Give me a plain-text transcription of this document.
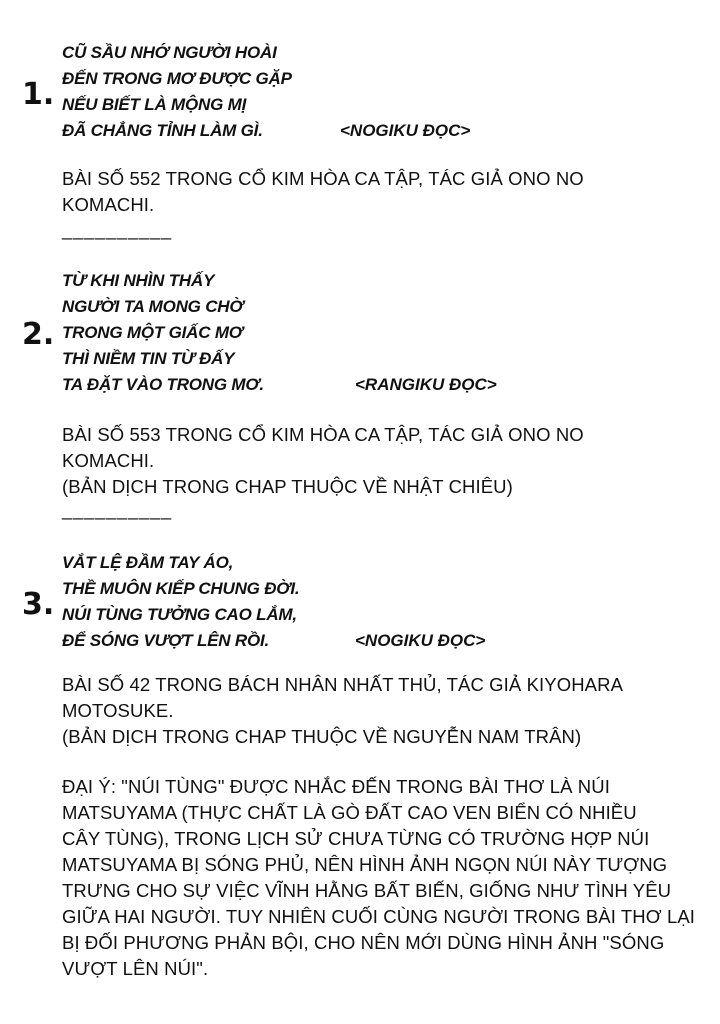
1.
CŨ SẦU NHỚ NGƯỜI HOÀI
ĐẾN TRONG MƠ ĐƯỢC GẶP
NẾU BIẾT LÀ MỘNG MỊ
ĐÃ CHẲNG TỈNH LÀM GÌ.	<NOGIKU ĐỌC>
BÀI SỐ 552 TRONG CỔ KIM HÒA CA TẬP, TÁC GIẢ ONO NO
KOMACHI.
__________
2.
TỪ KHI NHÌN THẤY
NGƯỜI TA MONG CHỜ
TRONG MỘT GIẤC MƠ
THÌ NIỀM TIN TỪ ĐẤY
TA ĐẶT VÀO TRONG MƠ.	<RANGIKU ĐỌC>
BÀI SỐ 553 TRONG CỔ KIM HÒA CA TẬP, TÁC GIẢ ONO NO
KOMACHI.
(BẢN DỊCH TRONG CHAP THUỘC VỀ NHẬT CHIÊU)
__________
3.
VẮT LỆ ĐẦM TAY ÁO,
THỀ MUÔN KIẾP CHUNG ĐỜI.
NÚI TÙNG TƯỞNG CAO LẮM,
ĐỂ SÓNG VƯỢT LÊN RỒI.	<NOGIKU ĐỌC>
BÀI SỐ 42 TRONG BÁCH NHÂN NHẤT THỦ, TÁC GIẢ KIYOHARA
MOTOSUKE.
(BẢN DỊCH TRONG CHAP THUỘC VỀ NGUYỄN NAM TRÂN)
ĐẠI Ý: "NÚI TÙNG" ĐƯỢC NHẮC ĐẾN TRONG BÀI THƠ LÀ NÚI
MATSUYAMA (THỰC CHẤT LÀ GÒ ĐẤT CAO VEN BIỂN CÓ NHIỀU
CÂY TÙNG), TRONG LỊCH SỬ CHƯA TỪNG CÓ TRƯỜNG HỢP NÚI
MATSUYAMA BỊ SÓNG PHỦ, NÊN HÌNH ẢNH NGỌN NÚI NÀY TƯỢNG
TRƯNG CHO SỰ VIỆC VĨNH HẰNG BẤT BIẾN, GIỐNG NHƯ TÌNH YÊU
GIỮA HAI NGƯỜI. TUY NHIÊN CUỐI CÙNG NGƯỜI TRONG BÀI THƠ LẠI
BỊ ĐỐI PHƯƠNG PHẢN BỘI, CHO NÊN MỚI DÙNG HÌNH ẢNH "SÓNG
VƯỢT LÊN NÚI".
